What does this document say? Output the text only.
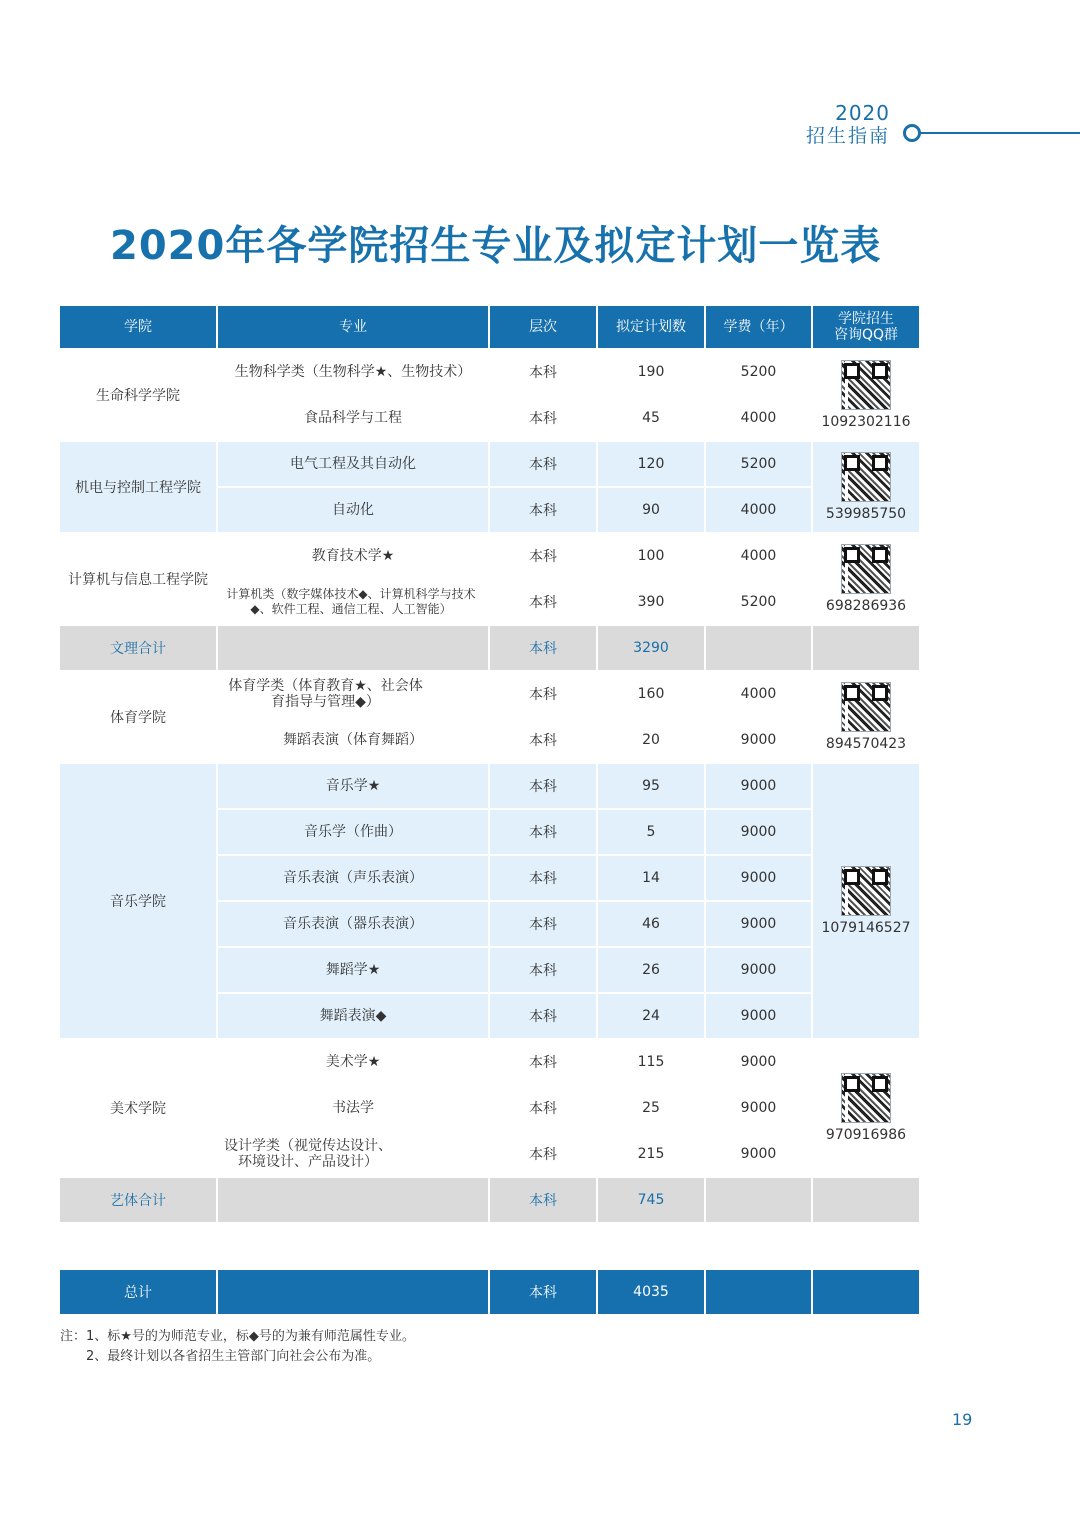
2020
招生指南
2020年各学院招生专业及拟定计划一览表
学院	专业	层次	拟定计划数	学费（年）	学院招生
咨询QQ群
生命科学学院	生物科学类（生物科学★、生物技术）	本科	190	5200	1092302116

	食品科学与工程	本科	45	4000	
机电与控制工程学院	电气工程及其自动化	本科	120	5200	539985750

	自动化	本科	90	4000	
计算机与信息工程学院	教育技术学★	本科	100	4000	698286936

	计算机类（数字媒体技术◆、计算机科学与技术◆、软件工程、通信工程、人工智能）	本科	390	5200	
文理合计		本科	3290		
体育学院	体育学类（体育教育★、社会体育指导与管理◆）	本科	160	4000	894570423

	舞蹈表演（体育舞蹈）	本科	20	9000	
音乐学院	音乐学★	本科	95	9000	1079146527

	音乐学（作曲）	本科	5	9000	
	音乐表演（声乐表演）	本科	14	9000	
	音乐表演（器乐表演）	本科	46	9000	
	舞蹈学★	本科	26	9000	
	舞蹈表演◆	本科	24	9000	
美术学院	美术学★	本科	115	9000	970916986

	书法学	本科	25	9000	
	设计学类（视觉传达设计、环境设计、产品设计）	本科	215	9000	
艺体合计		本科	745		

总计		本科	4035		
注：1、标★号的为师范专业，标◆号的为兼有师范属性专业。
2、最终计划以各省招生主管部门向社会公布为准。
19
